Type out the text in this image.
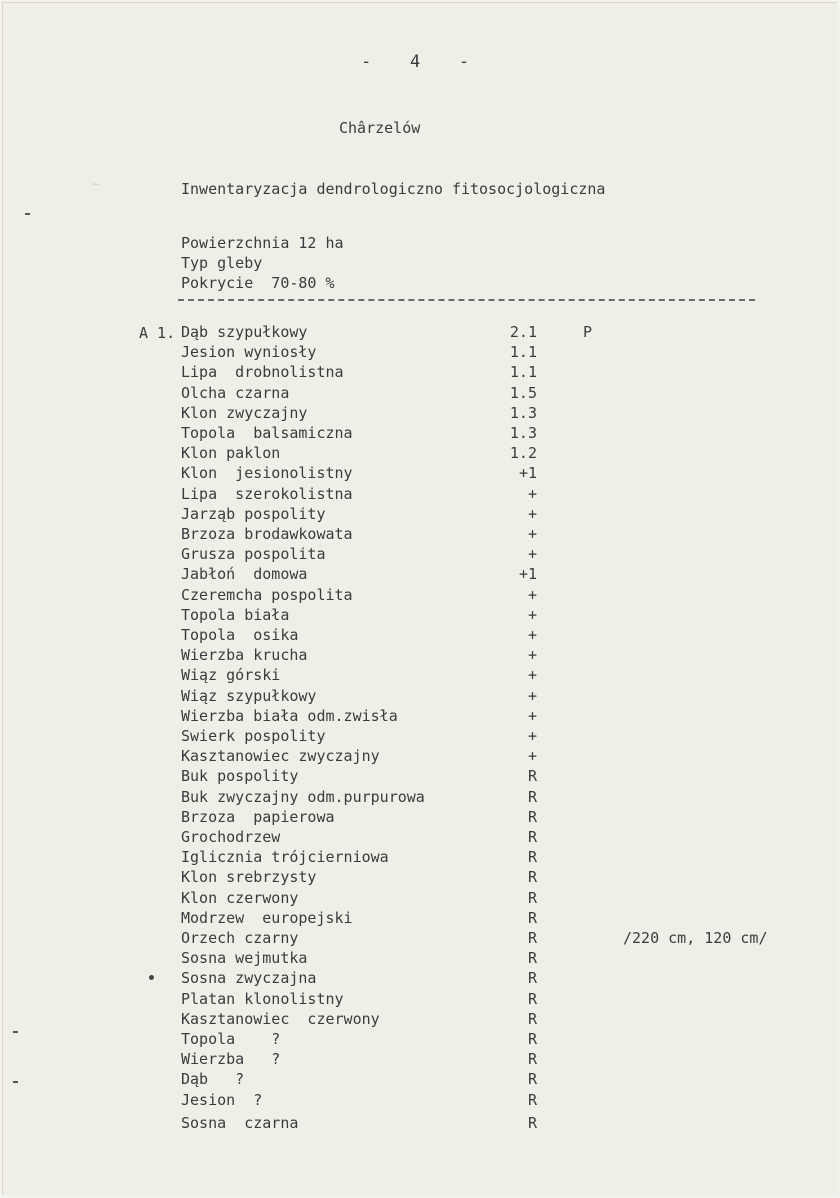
~
-   4   -
Chârzelów
Inwentaryzacja dendrologiczno fitosocjologiczna
Powierzchnia 12 ha
Typ gleby
Pokrycie  70-80 %
A 1. Dąb szypułkowy	2.1	P
Jesion wyniosły	1.1
Lipa  drobnolistna	1.1
Olcha czarna	1.5
Klon zwyczajny	1.3
Topola  balsamiczna	1.3
Klon paklon	1.2
Klon  jesionolistny	+1
Lipa  szerokolistna	+
Jarząb pospolity	+
Brzoza brodawkowata	+
Grusza pospolita	+
Jabłoń  domowa	+1
Czeremcha pospolita	+
Topola biała	+
Topola  osika	+
Wierzba krucha	+
Wiąz górski	+
Wiąz szypułkowy	+
Wierzba biała odm.zwisła	+
Swierk pospolity	+
Kasztanowiec zwyczajny	+
Buk pospolity	R
Buk zwyczajny odm.purpurowa	R
Brzoza  papierowa	R
Grochodrzew	R
Iglicznia trójcierniowa	R
Klon srebrzysty	R
Klon czerwony	R
Modrzew  europejski	R
Orzech czarny	R	/220 cm, 120 cm/
Sosna wejmutka	R
Sosna zwyczajna	R
Platan klonolistny	R
Kasztanowiec  czerwony	R
Topola    ?	R
Wierzba   ?	R
Dąb   ?	R
Jesion  ?	R
Sosna  czarna	R
